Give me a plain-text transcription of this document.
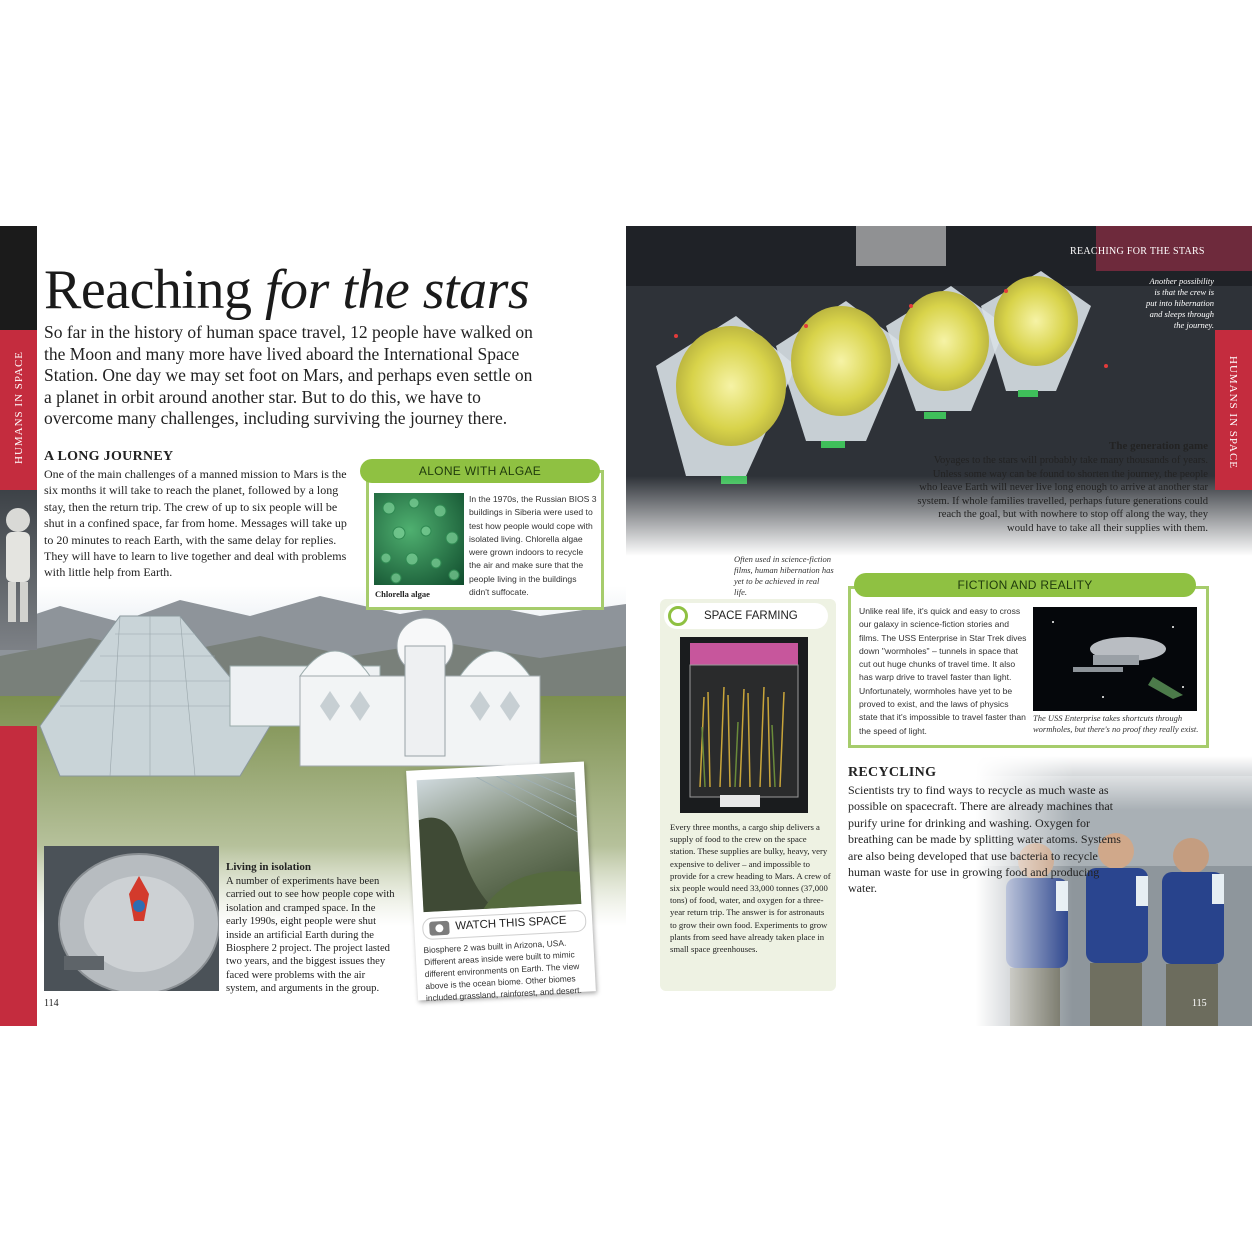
HUMANS IN SPACE
Reaching for the stars
So far in the history of human space travel, 12 people have walked on the Moon and many more have lived aboard the International Space Station. One day we may set foot on Mars, and perhaps even settle on a planet in orbit around another star. But to do this, we have to overcome many challenges, including surviving the journey there.
A LONG JOURNEY
One of the main challenges of a manned mission to Mars is the six months it will take to reach the planet, followed by a long stay, then the return trip. The crew of up to six people will be shut in a confined space, far from home. Messages will take up to 20 minutes to reach Earth, with the same delay for replies. They will have to learn to live together and deal with problems with little help from Earth.
In the 1970s, the Russian BIOS 3 buildings in Siberia were used to test how people would cope with isolated living. Chlorella algae were grown indoors to recycle the air and make sure that the people living in the buildings didn't suffocate.
Chlorella algae
ALONE WITH ALGAE
Living in isolation
A number of experiments have been carried out to see how people cope with isolation and cramped space. In the early 1990s, eight people were shut inside an artificial Earth during the Biosphere 2 project. The project lasted two years, and the biggest issues they faced were problems with the air system, and arguments in the group.
WATCH THIS SPACE
Biosphere 2 was built in Arizona, USA. Different areas inside were built to mimic different environments on Earth. The view above is the ocean biome. Other biomes included grassland, rainforest, and desert.
114
HUMANS IN SPACE
REACHING FOR THE STARS
Another possibility is that the crew is put into hibernation and sleeps through the journey.
Often used in science-fiction films, human hibernation has yet to be achieved in real life.
The generation game
Voyages to the stars will probably take many thousands of years. Unless some way can be found to shorten the journey, the people who leave Earth will never live long enough to arrive at another star system. If whole families travelled, perhaps future generations could reach the goal, but with nowhere to stop off along the way, they would have to take all their supplies with them.
Unlike real life, it's quick and easy to cross our galaxy in science-fiction stories and films. The USS Enterprise in Star Trek dives down "wormholes" – tunnels in space that cut out huge chunks of travel time. It also has warp drive to travel faster than light. Unfortunately, wormholes have yet to be proved to exist, and the laws of physics state that it's impossible to travel faster than the speed of light.
The USS Enterprise takes shortcuts through wormholes, but there's no proof they really exist.
FICTION AND REALITY
SPACE FARMING
Every three months, a cargo ship delivers a supply of food to the crew on the space station. These supplies are bulky, heavy, very expensive to deliver – and impossible to provide for a crew heading to Mars. A crew of six people would need 33,000 tonnes (37,000 tons) of food, water, and oxygen for a three-year return trip. The answer is for astronauts to grow their own food. Experiments to grow plants from seed have already taken place in small space greenhouses.
RECYCLING
Scientists try to find ways to recycle as much waste as possible on spacecraft. There are already machines that purify urine for drinking and washing. Oxygen for breathing can be made by splitting water atoms. Systems are also being developed that use bacteria to recycle human waste for use in growing food and producing water.
115
